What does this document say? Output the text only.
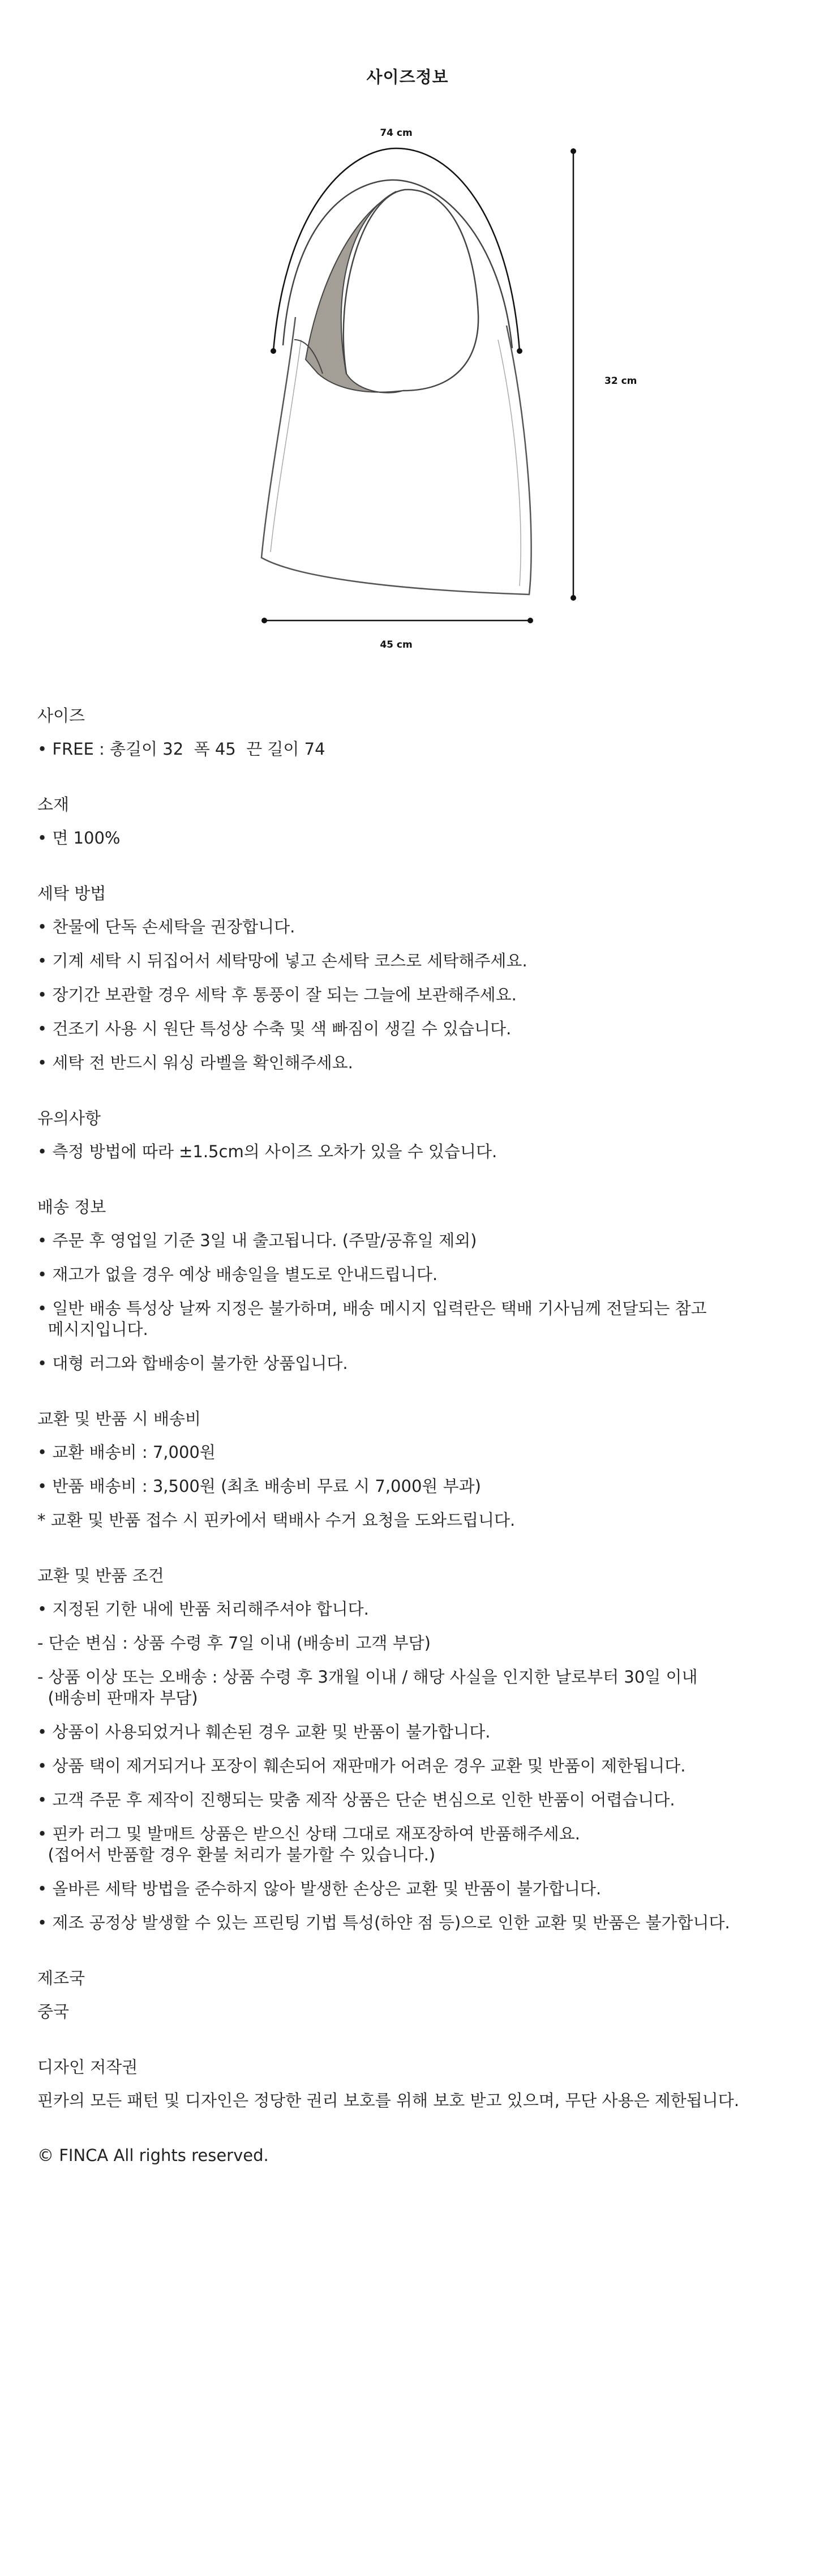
사이즈정보
74 cm
32 cm
45 cm
사이즈
• FREE : 총길이 32  폭 45  끈 길이 74
소재
• 면 100%
세탁 방법
• 찬물에 단독 손세탁을 권장합니다.
• 기계 세탁 시 뒤집어서 세탁망에 넣고 손세탁 코스로 세탁해주세요.
• 장기간 보관할 경우 세탁 후 통풍이 잘 되는 그늘에 보관해주세요.
• 건조기 사용 시 원단 특성상 수축 및 색 빠짐이 생길 수 있습니다.
• 세탁 전 반드시 워싱 라벨을 확인해주세요.
유의사항
• 측정 방법에 따라 ±1.5cm의 사이즈 오차가 있을 수 있습니다.
배송 정보
• 주문 후 영업일 기준 3일 내 출고됩니다. (주말/공휴일 제외)
• 재고가 없을 경우 예상 배송일을 별도로 안내드립니다.
• 일반 배송 특성상 날짜 지정은 불가하며, 배송 메시지 입력란은 택배 기사님께 전달되는 참고
메시지입니다.
• 대형 러그와 합배송이 불가한 상품입니다.
교환 및 반품 시 배송비
• 교환 배송비 : 7,000원
• 반품 배송비 : 3,500원 (최초 배송비 무료 시 7,000원 부과)
* 교환 및 반품 접수 시 핀카에서 택배사 수거 요청을 도와드립니다.
교환 및 반품 조건
• 지정된 기한 내에 반품 처리해주셔야 합니다.
- 단순 변심 : 상품 수령 후 7일 이내 (배송비 고객 부담)
- 상품 이상 또는 오배송 : 상품 수령 후 3개월 이내 / 해당 사실을 인지한 날로부터 30일 이내
(배송비 판매자 부담)
• 상품이 사용되었거나 훼손된 경우 교환 및 반품이 불가합니다.
• 상품 택이 제거되거나 포장이 훼손되어 재판매가 어려운 경우 교환 및 반품이 제한됩니다.
• 고객 주문 후 제작이 진행되는 맞춤 제작 상품은 단순 변심으로 인한 반품이 어렵습니다.
• 핀카 러그 및 발매트 상품은 받으신 상태 그대로 재포장하여 반품해주세요.
(접어서 반품할 경우 환불 처리가 불가할 수 있습니다.)
• 올바른 세탁 방법을 준수하지 않아 발생한 손상은 교환 및 반품이 불가합니다.
• 제조 공정상 발생할 수 있는 프린팅 기법 특성(하얀 점 등)으로 인한 교환 및 반품은 불가합니다.
제조국
중국
디자인 저작권
핀카의 모든 패턴 및 디자인은 정당한 권리 보호를 위해 보호 받고 있으며, 무단 사용은 제한됩니다.
© FINCA All rights reserved.
